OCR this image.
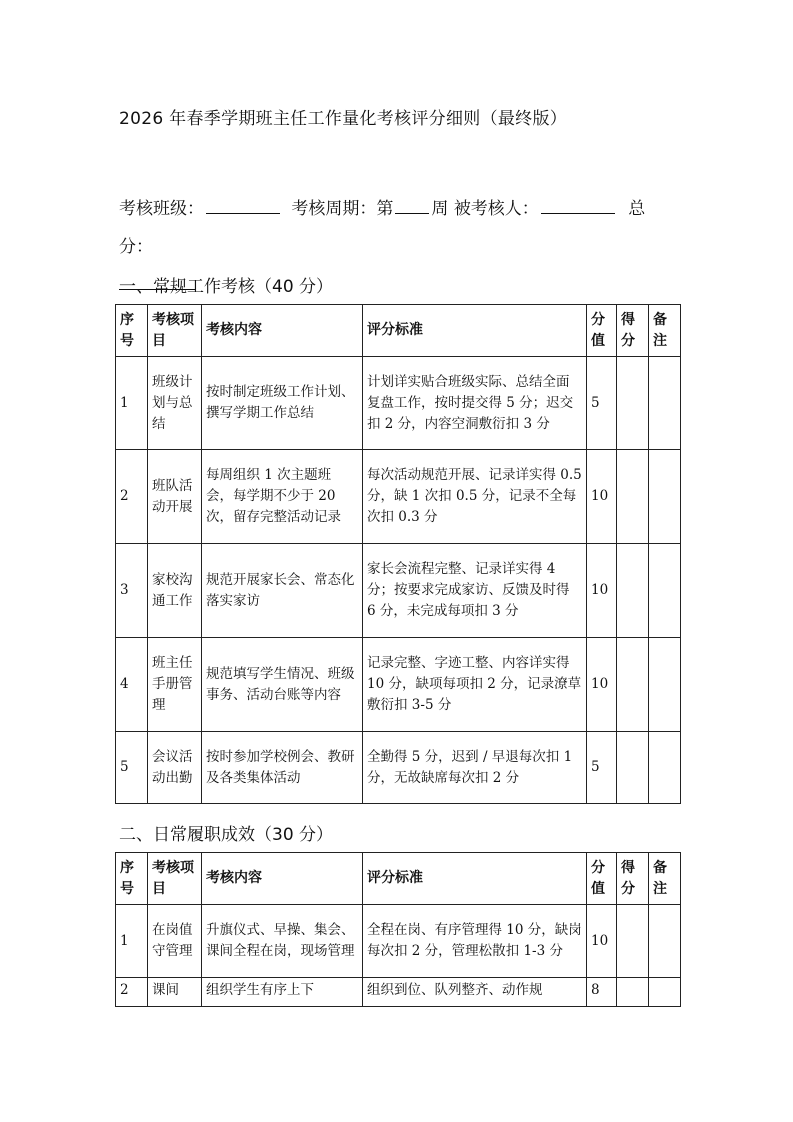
2026 年春季学期班主任工作量化考核评分细则（最终版）
考核班级：	考核周期：第 周 被考核人：	总分：

一、常规工作考核（40 分）
序号	考核项目	考核内容	评分标准	分值	得分	备注
1	班级计划与总结	按时制定班级工作计划、撰写学期工作总结	计划详实贴合班级实际、总结全面复盘工作，按时提交得 5 分；迟交扣 2 分，内容空洞敷衍扣 3 分	5		
2	班队活动开展	每周组织 1 次主题班会，每学期不少于 20 次，留存完整活动记录	每次活动规范开展、记录详实得 0.5 分，缺 1 次扣 0.5 分，记录不全每次扣 0.3 分	10		
3	家校沟通工作	规范开展家长会、常态化落实家访	家长会流程完整、记录详实得 4 分；按要求完成家访、反馈及时得 6 分，未完成每项扣 3 分	10		
4	班主任手册管理	规范填写学生情况、班级事务、活动台账等内容	记录完整、字迹工整、内容详实得 10 分，缺项每项扣 2 分，记录潦草敷衍扣 3-5 分	10		
5	会议活动出勤	按时参加学校例会、教研及各类集体活动	全勤得 5 分，迟到 / 早退每次扣 1 分，无故缺席每次扣 2 分	5		
二、日常履职成效（30 分）
序号	考核项目	考核内容	评分标准	分值	得分	备注
1	在岗值守管理	升旗仪式、早操、集会、课间全程在岗，现场管理	全程在岗、有序管理得 10 分，缺岗每次扣 2 分，管理松散扣 1-3 分	10		
2	课间	组织学生有序上下	组织到位、队列整齐、动作规	8		
